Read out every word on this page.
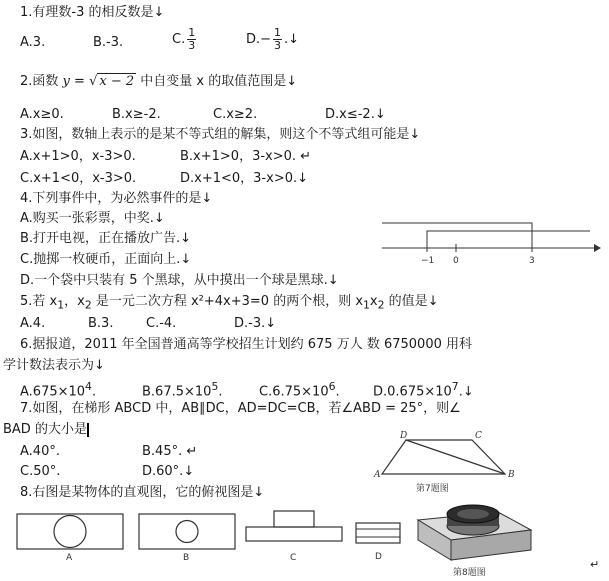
1.有理数-3 的相反数是↓
A.3.	B.-3.	C. $\frac{1}{3}$	$D.- \frac{1}{3}$ .↓
2.函数 y = √ x − 2 中自变量 x 的取值范围是↓
A.x≥0.	B.x≥-2.	C.x≥2.	D.x≤-2.↓
3.如图，数轴上表示的是某不等式组的解集，则这个不等式组可能是↓
A.x+1>0，x-3>0.	B.x+1>0，3-x>0. ↵
C.x+1<0，x-3>0.	D.x+1<0，3-x>0.↓
4.下列事件中，为必然事件的是↓
A.购买一张彩票，中奖.↓
B.打开电视，正在播放广告.↓
C.抛掷一枚硬币，正面向上.↓
D.一个袋中只装有 5 个黑球，从中摸出一个球是黑球.↓
−1 0	3
5.若 $x_1$，$x_2$ 是一元二次方程 x²+4x+3=0 的两个根，则 $x_1x_2$ 的值是↓
A.4.	B.3.	C.-4.	D.-3.↓
6.据报道，2011 年全国普通高等学校招生计划约 675 万人 数 6750000 用科
学计数法表示为↓
$A.675\times 10^4$.	$B.67.5\times 10^5$.	$C.6.75\times 10^6$.	$D.0.675\times 10^7.↓$
7.如图，在梯形 ABCD 中，AB∥DC，AD=DC=CB，若∠ABD = 25°，则∠
BAD 的大小是
A.40°.	B.45°. ↵
C.50°.	D.60°.↓	A	B
C
D
第7题图
8.右图是某物体的直观图，它的俯视图是↓
A	B	C	D
第8题图
↵
